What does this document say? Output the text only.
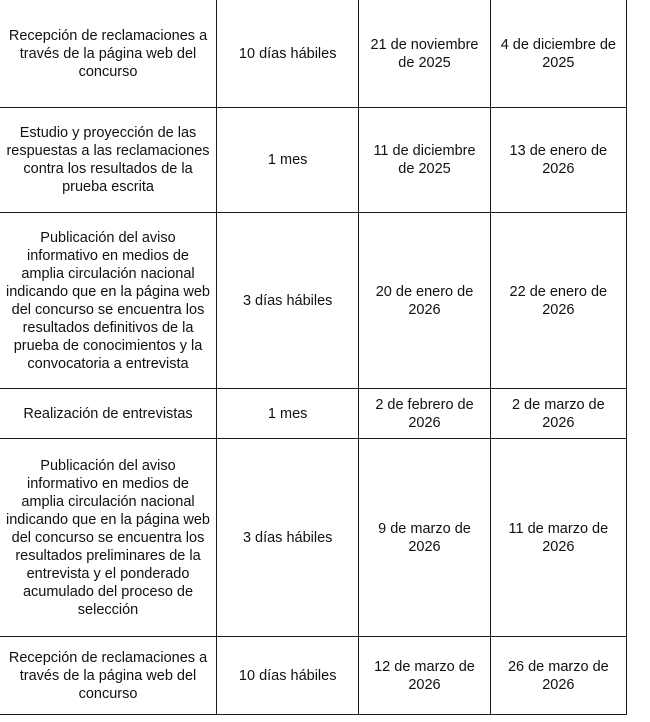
Recepción de reclamaciones a través de la página web del concurso	10 días hábiles	21 de noviembre de 2025	4 de diciembre de 2025
Estudio y proyección de las respuestas a las reclamaciones contra los resultados de la prueba escrita	1 mes	11 de diciembre de 2025	13 de enero de 2026
Publicación del aviso informativo en medios de amplia circulación nacional indicando que en la página web del concurso se encuentra los resultados definitivos de la prueba de conocimientos y la convocatoria a entrevista	3 días hábiles	20 de enero de 2026	22 de enero de 2026
Realización de entrevistas	1 mes	2 de febrero de 2026	2 de marzo de 2026
Publicación del aviso informativo en medios de amplia circulación nacional indicando que en la página web del concurso se encuentra los resultados preliminares de la entrevista y el ponderado acumulado del proceso de selección	3 días hábiles	9 de marzo de 2026	11 de marzo de 2026
Recepción de reclamaciones a través de la página web del concurso	10 días hábiles	12 de marzo de 2026	26 de marzo de 2026
